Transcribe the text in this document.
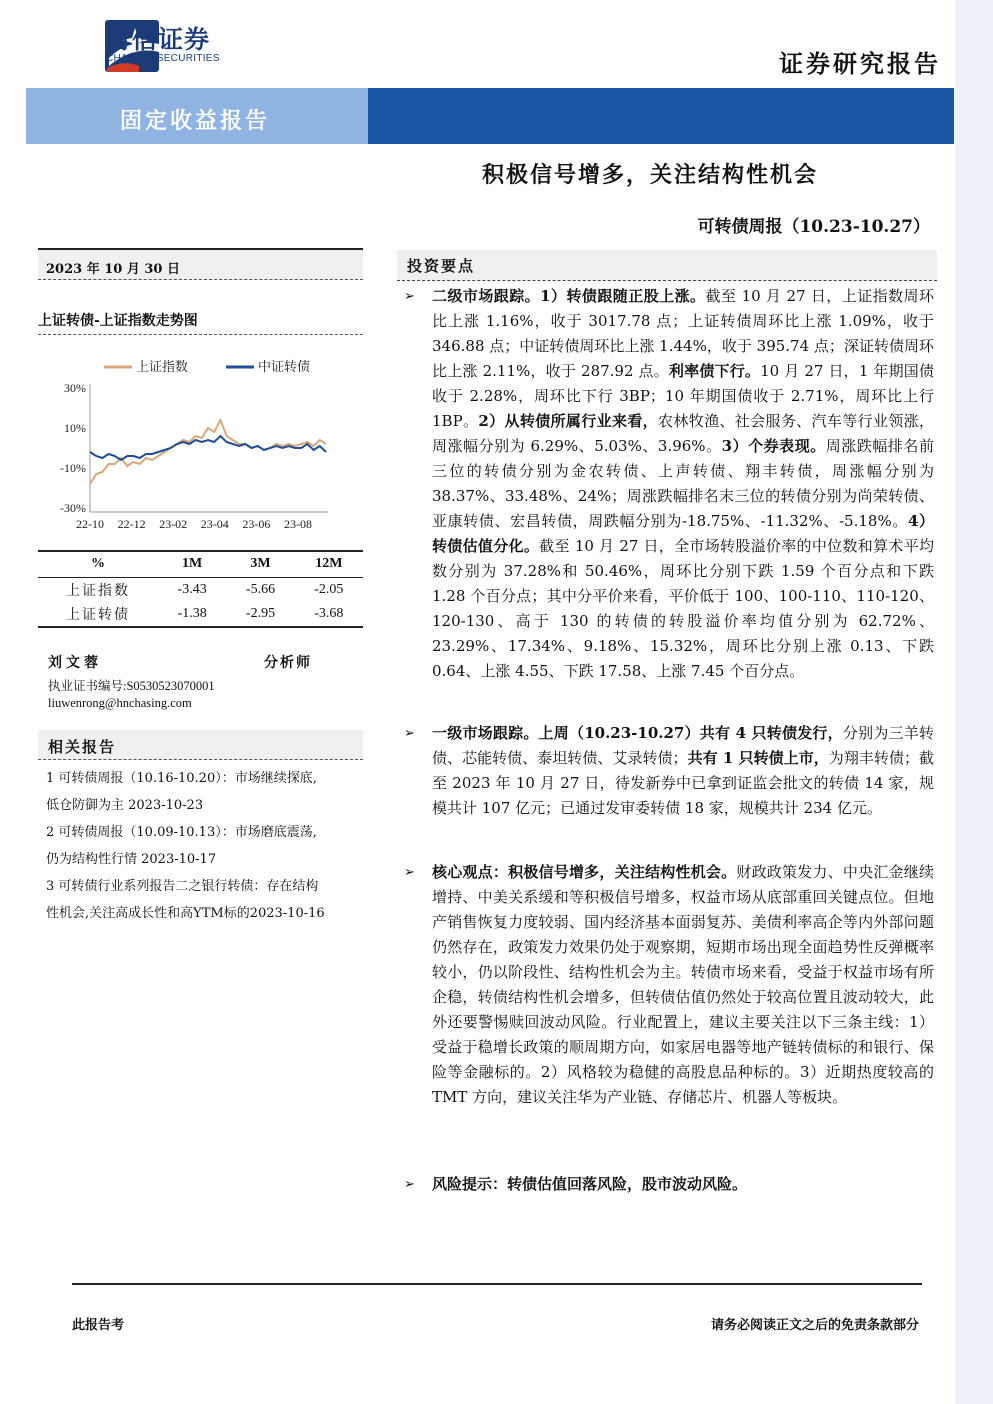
财信证券
CHASING SECURITIES	证券研究报告
固定收益报告
积极信号增多，关注结构性机会
可转债周报（10.23-10.27）
2023 年 10 月 30 日
上证转债-上证指数走势图
上证指数	中证转债
30%
10%
-10%
-30%
22-10 22-12 23-02 23-04 23-06 23-08
%	1M	3M	12M
上证指数	-3.43	-5.66	-2.05
上证转债	-1.38	-2.95	-3.68
刘文蓉	分析师
执业证书编号:S0530523070001
liuwenrong@hnchasing.com
相关报告
1 可转债周报（10.16-10.20）：市场继续探底,
低仓防御为主 2023-10-23
2 可转债周报（10.09-10.13）：市场磨底震荡,
仍为结构性行情 2023-10-17
3 可转债行业系列报告二之银行转债：存在结构
性机会,关注高成长性和高YTM标的2023-10-16
投资要点
➢ 二级市场跟踪。1）转债跟随正股上涨。截至 10 月 27 日，上证指数周环比上涨 1.16%，收于 3017.78 点；上证转债周环比上涨 1.09%，收于 346.88 点；中证转债周环比上涨 1.44%，收于 395.74 点；深证转债周环比上涨 2.11%，收于 287.92 点。利率债下行。10 月 27 日，1 年期国债收于 2.28%，周环比下行 3BP；10 年期国债收于 2.71%，周环比上行 1BP。2）从转债所属行业来看，农林牧渔、社会服务、汽车等行业领涨，周涨幅分别为 6.29%、5.03%、3.96%。3）个券表现。周涨跌幅排名前三位的转债分别为金农转债、上声转债、翔丰转债，周涨幅分别为 38.37%、33.48%、24%；周涨跌幅排名末三位的转债分别为尚荣转债、亚康转债、宏昌转债，周跌幅分别为-18.75%、-11.32%、-5.18%。4）转债估值分化。截至 10 月 27 日，全市场转股溢价率的中位数和算术平均数分别为 37.28%和 50.46%，周环比分别下跌 1.59 个百分点和下跌 1.28 个百分点；其中分平价来看，平价低于 100、100-110、110-120、120-130、高于 130 的转债的转股溢价率均值分别为 62.72%、23.29%、17.34%、9.18%、15.32%，周环比分别上涨 0.13、下跌 0.64、上涨 4.55、下跌 17.58、上涨 7.45 个百分点。
➢ 一级市场跟踪。上周（10.23-10.27）共有 4 只转债发行，分别为三羊转债、芯能转债、泰坦转债、艾录转债；共有 1 只转债上市，为翔丰转债；截至 2023 年 10 月 27 日，待发新券中已拿到证监会批文的转债 14 家，规模共计 107 亿元；已通过发审委转债 18 家，规模共计 234 亿元。
➢ 核心观点：积极信号增多，关注结构性机会。财政政策发力、中央汇金继续增持、中美关系缓和等积极信号增多，权益市场从底部重回关键点位。但地产销售恢复力度较弱、国内经济基本面弱复苏、美债利率高企等内外部问题仍然存在，政策发力效果仍处于观察期，短期市场出现全面趋势性反弹概率较小，仍以阶段性、结构性机会为主。转债市场来看，受益于权益市场有所企稳，转债结构性机会增多，但转债估值仍然处于较高位置且波动较大，此外还要警惕赎回波动风险。行业配置上，建议主要关注以下三条主线：1）受益于稳增长政策的顺周期方向，如家居电器等地产链转债标的和银行、保险等金融标的。2）风格较为稳健的高股息品种标的。3）近期热度较高的 TMT 方向，建议关注华为产业链、存储芯片、机器人等板块。
➢ 风险提示：转债估值回落风险，股市波动风险。
此报告考	请务必阅读正文之后的免责条款部分
